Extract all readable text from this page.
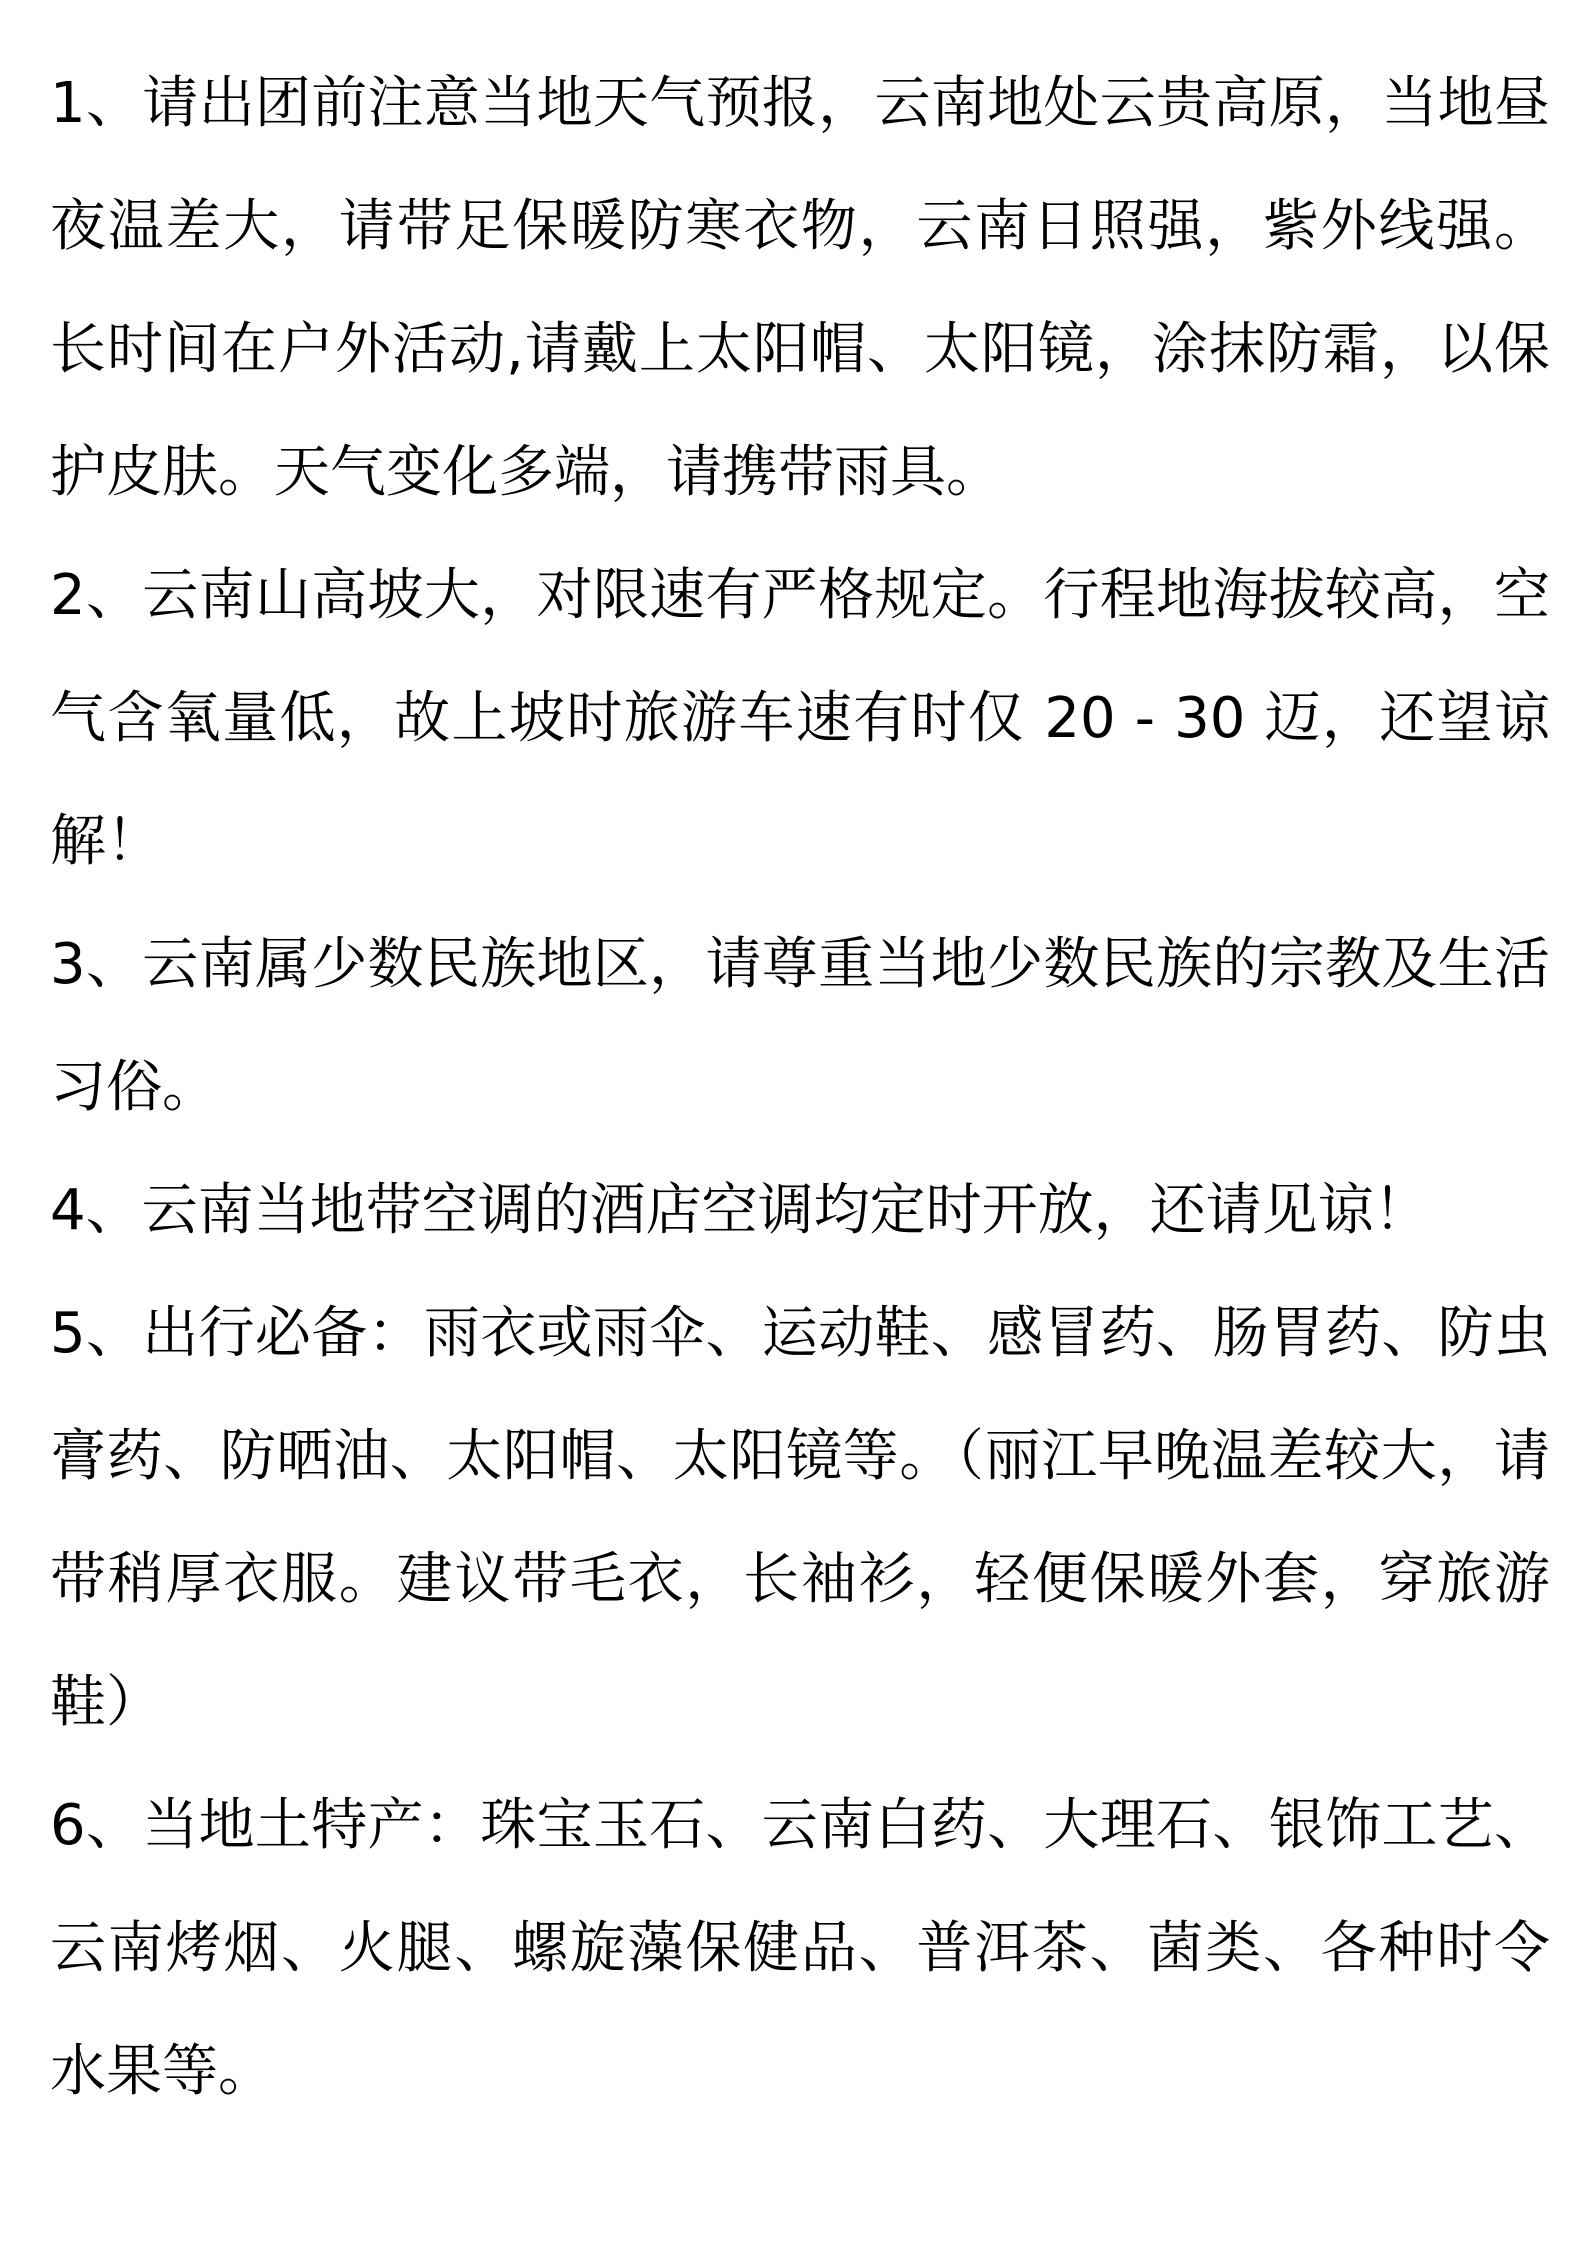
1、请出团前注意当地天气预报，云南地处云贵高原，当地昼夜温差大，请带足保暖防寒衣物，云南日照强，紫外线强。长时间在户外活动,请戴上太阳帽、太阳镜，涂抹防霜，以保护皮肤。天气变化多端，请携带雨具。

2、云南山高坡大，对限速有严格规定。行程地海拔较高，空气含氧量低，故上坡时旅游车速有时仅 20 - 30 迈，还望谅解！

3、云南属少数民族地区，请尊重当地少数民族的宗教及生活习俗。

4、云南当地带空调的酒店空调均定时开放，还请见谅！

5、出行必备：雨衣或雨伞、运动鞋、感冒药、肠胃药、防虫膏药、防晒油、太阳帽、太阳镜等。（丽江早晚温差较大，请带稍厚衣服。建议带毛衣，长袖衫，轻便保暖外套，穿旅游鞋）

6、当地土特产：珠宝玉石、云南白药、大理石、银饰工艺、云南烤烟、火腿、螺旋藻保健品、普洱茶、菌类、各种时令水果等。
